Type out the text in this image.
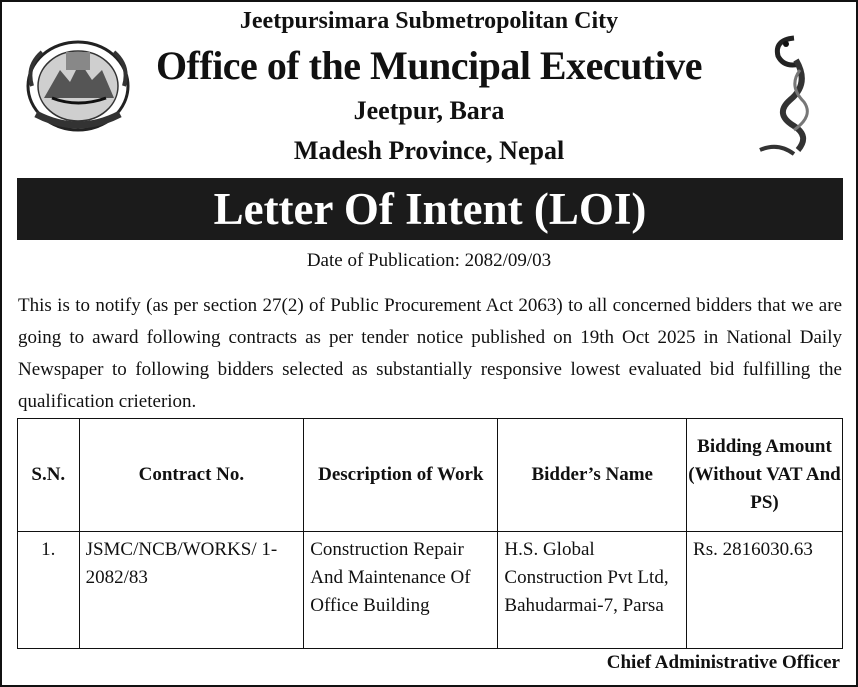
Jeetpursimara Submetropolitan City
Office of the Muncipal Executive
Jeetpur, Bara
Madesh Province, Nepal
Letter Of Intent (LOI)
Date of Publication: 2082/09/03
This is to notify (as per section 27(2) of Public Procurement Act 2063) to all concerned bidders that we are going to award following contracts as per tender notice published on 19th Oct 2025 in National Daily Newspaper to following bidders selected as substantially responsive lowest evaluated bid fulfilling the qualification crieterion.
S.N.	Contract No.	Description of Work	Bidder’s Name	Bidding Amount (Without VAT And PS)
1.	JSMC/NCB/WORKS/ 1-2082/83	Construction Repair And Maintenance Of Office Building	H.S. Global Construction Pvt Ltd, Bahudarmai-7, Parsa	Rs. 2816030.63
Chief Administrative Officer
